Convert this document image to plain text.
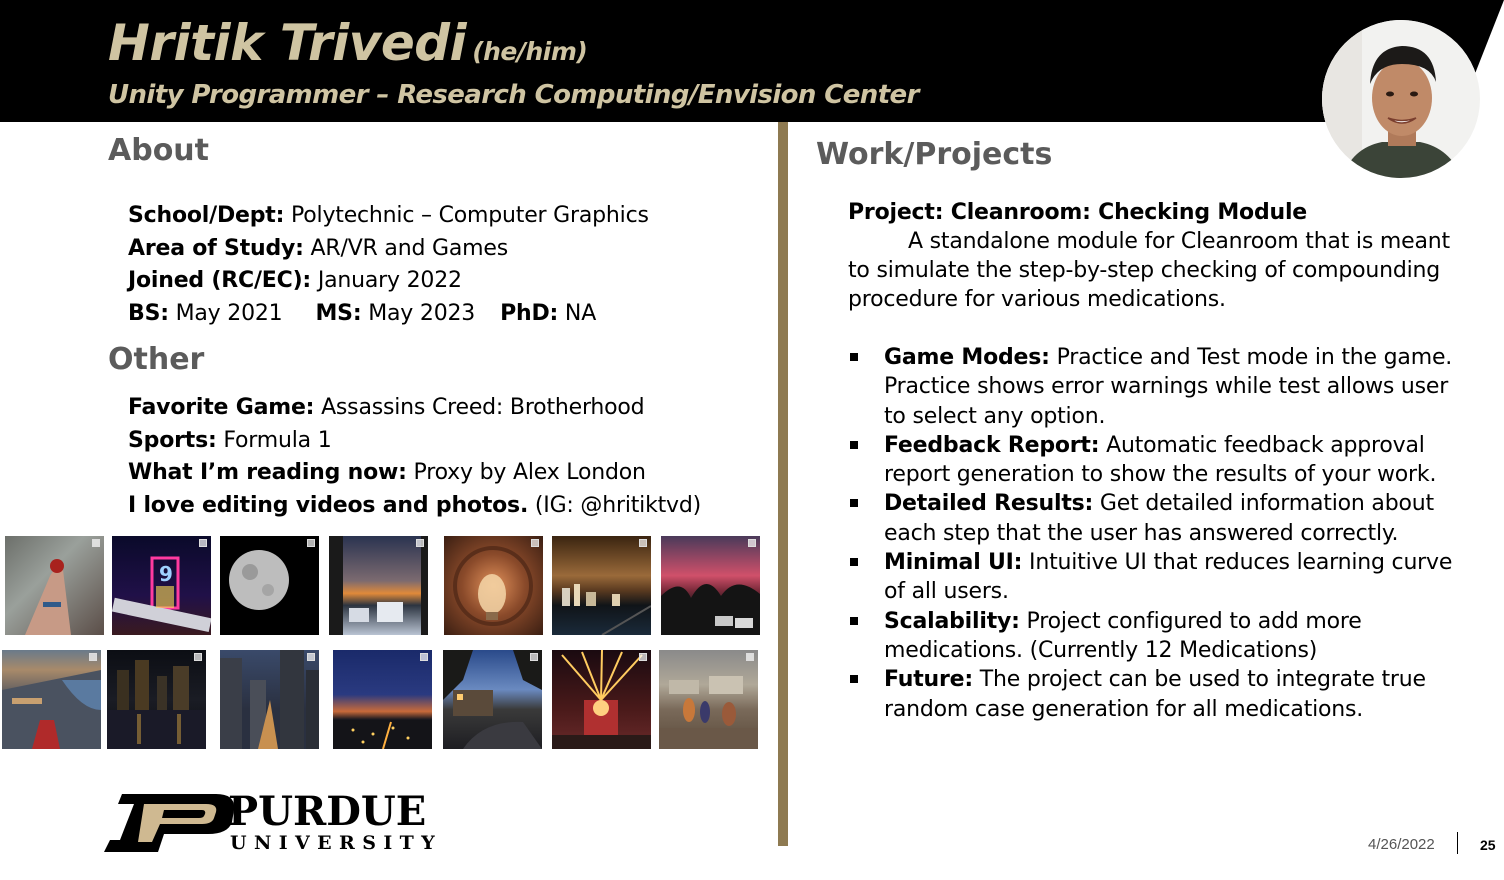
Hritik Trivedi (he/him)
Unity Programmer – Research Computing/Envision Center
About
School/Dept: Polytechnic – Computer Graphics
Area of Study: AR/VR and Games
Joined (RC/EC): January 2022
BS: May 2021 MS: May 2023 PhD: NA
Other
Favorite Game: Assassins Creed: Brotherhood
Sports: Formula 1
What I’m reading now: Proxy by Alex London
I love editing videos and photos. (IG: @hritiktvd)
9
PURDUE
UNIVERSITY
Work/Projects
Project: Cleanroom: Checking Module

A standalone module for Cleanroom that is meant to simulate the step-by-step checking of compounding procedure for various medications.

Game Modes: Practice and Test mode in the game. Practice shows error warnings while test allows user to select any option.
Feedback Report: Automatic feedback approval report generation to show the results of your work.
Detailed Results: Get detailed information about each step that the user has answered correctly.
Minimal UI: Intuitive UI that reduces learning curve of all users.
Scalability: Project configured to add more medications. (Currently 12 Medications)
Future: The project can be used to integrate true random case generation for all medications.
4/26/2022	25
